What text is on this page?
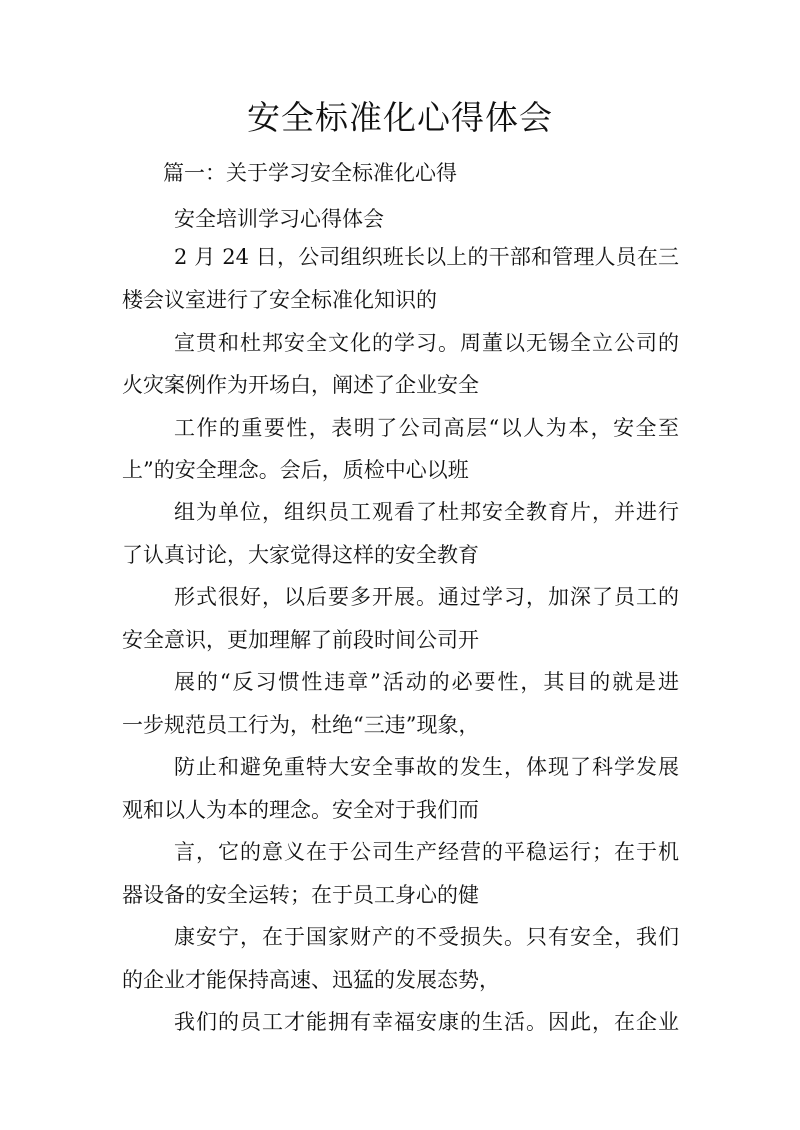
安全标准化心得体会
篇一：关于学习安全标准化心得
安全培训学习心得体会

2 月 24 日，公司组织班长以上的干部和管理人员在三

楼会议室进行了安全标准化知识的

宣贯和杜邦安全文化的学习。周董以无锡全立公司的

火灾案例作为开场白，阐述了企业安全

工作的重要性，表明了公司高层“以人为本，安全至

上”的安全理念。会后，质检中心以班

组为单位，组织员工观看了杜邦安全教育片，并进行

了认真讨论，大家觉得这样的安全教育

形式很好，以后要多开展。通过学习，加深了员工的

安全意识，更加理解了前段时间公司开

展的“反习惯性违章”活动的必要性，其目的就是进

一步规范员工行为，杜绝“三违”现象，

防止和避免重特大安全事故的发生，体现了科学发展

观和以人为本的理念。安全对于我们而

言，它的意义在于公司生产经营的平稳运行；在于机

器设备的安全运转；在于员工身心的健

康安宁，在于国家财产的不受损失。只有安全，我们

的企业才能保持高速、迅猛的发展态势，

我们的员工才能拥有幸福安康的生活。因此，在企业
